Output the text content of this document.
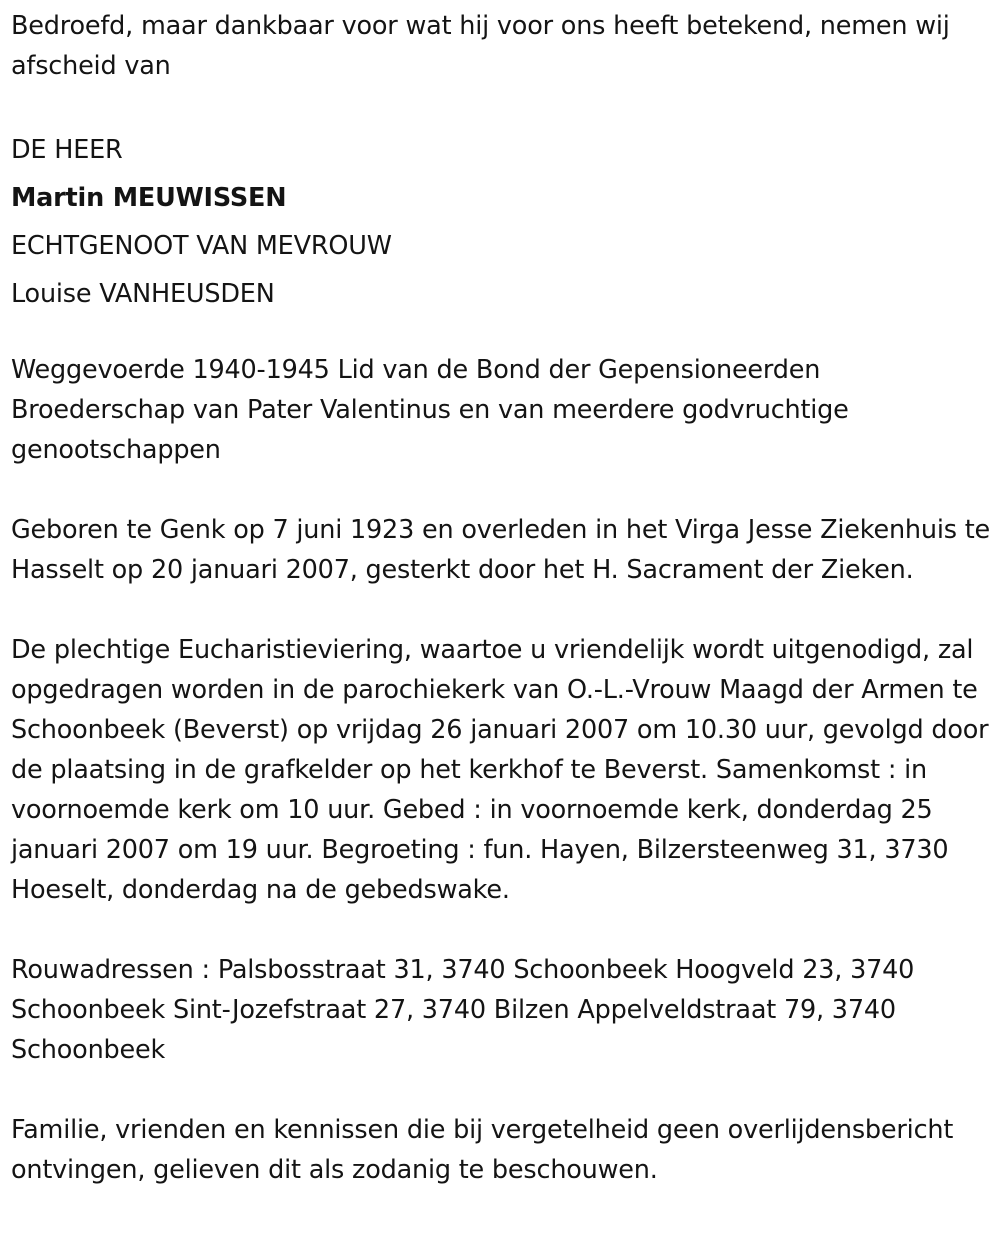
Bedroefd, maar dankbaar voor wat hij voor ons heeft betekend, nemen wij afscheid van

DE HEER

Martin MEUWISSEN

ECHTGENOOT VAN MEVROUW

Louise VANHEUSDEN

Weggevoerde 1940-1945 Lid van de Bond der Gepensioneerden Broederschap van Pater Valentinus en van meerdere godvruchtige genootschappen

Geboren te Genk op 7 juni 1923 en overleden in het Virga Jesse Ziekenhuis te Hasselt op 20 januari 2007, gesterkt door het H. Sacrament der Zieken.

De plechtige Eucharistieviering, waartoe u vriendelijk wordt uitgenodigd, zal opgedragen worden in de parochiekerk van O.-L.-Vrouw Maagd der Armen te Schoonbeek (Beverst) op vrijdag 26 januari 2007 om 10.30 uur, gevolgd door de plaatsing in de grafkelder op het kerkhof te Beverst. Samenkomst : in voornoemde kerk om 10 uur. Gebed : in voornoemde kerk, donderdag 25 januari 2007 om 19 uur. Begroeting : fun. Hayen, Bilzersteenweg 31, 3730 Hoeselt, donderdag na de gebedswake.

Rouwadressen : Palsbosstraat 31, 3740 Schoonbeek Hoogveld 23, 3740 Schoonbeek Sint-Jozefstraat 27, 3740 Bilzen Appelveldstraat 79, 3740 Schoonbeek

Familie, vrienden en kennissen die bij vergetelheid geen overlijdensbericht ontvingen, gelieven dit als zodanig te beschouwen.
